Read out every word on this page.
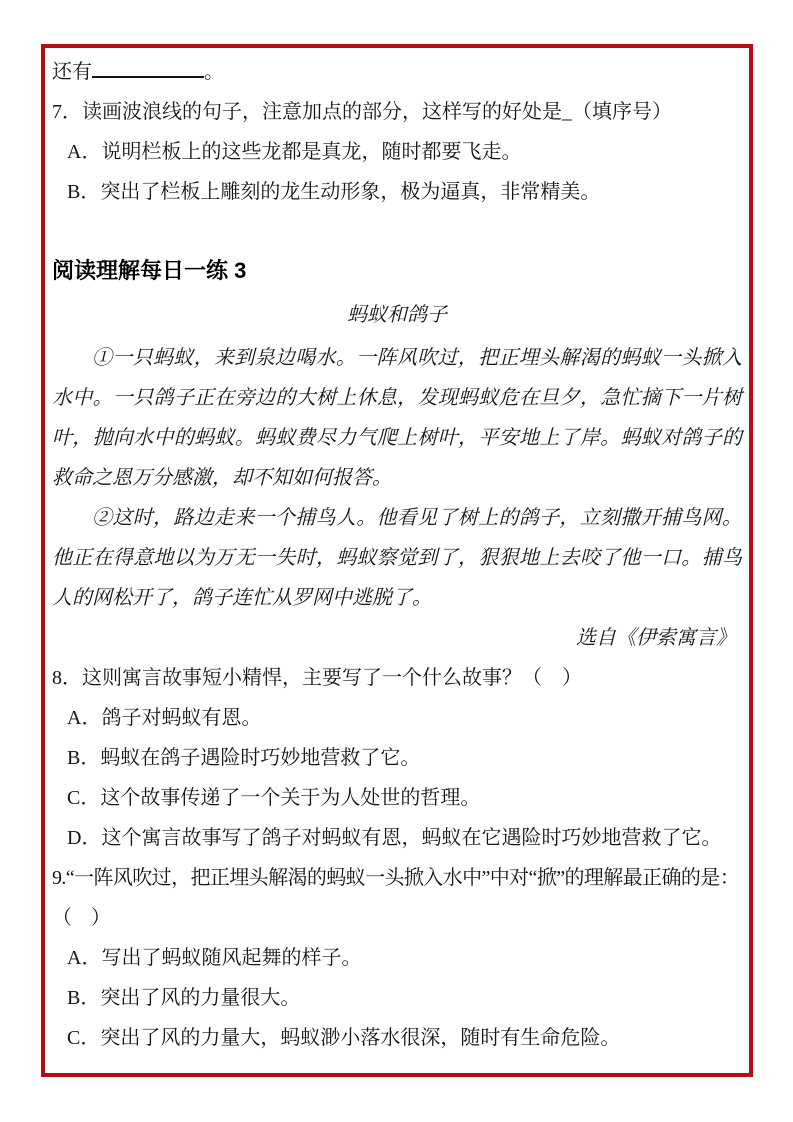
还有	。

7．读画波浪线的句子，注意加点的部分，这样写的好处是_（填序号）

A．说明栏板上的这些龙都是真龙，随时都要飞走。

B．突出了栏板上雕刻的龙生动形象，极为逼真，非常精美。

阅读理解每日一练 3

蚂蚁和鸽子

①一只蚂蚁，来到泉边喝水。一阵风吹过，把正埋头解渴的蚂蚁一头掀入水中。一只鸽子正在旁边的大树上休息，发现蚂蚁危在旦夕，急忙摘下一片树叶，抛向水中的蚂蚁。蚂蚁费尽力气爬上树叶，平安地上了岸。蚂蚁对鸽子的救命之恩万分感激，却不知如何报答。

②这时，路边走来一个捕鸟人。他看见了树上的鸽子，立刻撒开捕鸟网。他正在得意地以为万无一失时，蚂蚁察觉到了，狠狠地上去咬了他一口。捕鸟人的网松开了，鸽子连忙从罗网中逃脱了。

选自《伊索寓言》

8．这则寓言故事短小精悍，主要写了一个什么故事？（　）

A．鸽子对蚂蚁有恩。

B．蚂蚁在鸽子遇险时巧妙地营救了它。

C．这个故事传递了一个关于为人处世的哲理。

D．这个寓言故事写了鸽子对蚂蚁有恩，蚂蚁在它遇险时巧妙地营救了它。

9.“一阵风吹过，把正埋头解渴的蚂蚁一头掀入水中”中对“掀”的理解最正确的是：（　）

A．写出了蚂蚁随风起舞的样子。

B．突出了风的力量很大。

C．突出了风的力量大，蚂蚁渺小落水很深，随时有生命危险。
